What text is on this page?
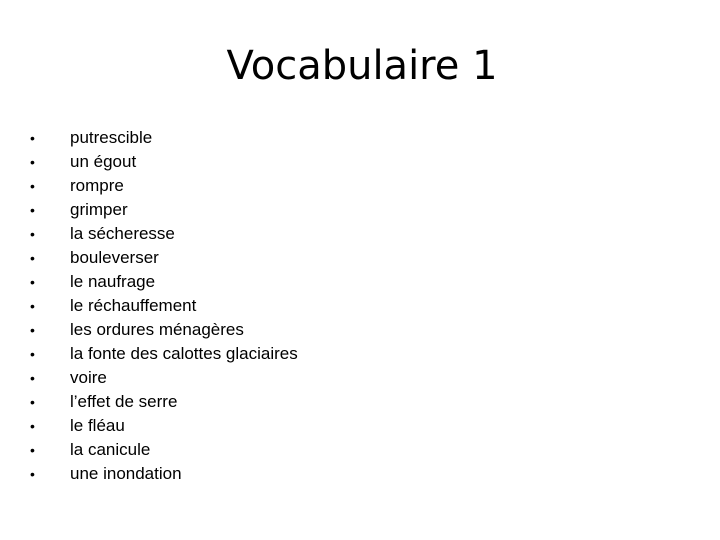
Vocabulaire 1
• putrescible
• un égout
• rompre
• grimper
• la sécheresse
• bouleverser
• le naufrage
• le réchauffement
• les ordures ménagères
• la fonte des calottes glaciaires
• voire
• l’effet de serre
• le fléau
• la canicule
• une inondation
